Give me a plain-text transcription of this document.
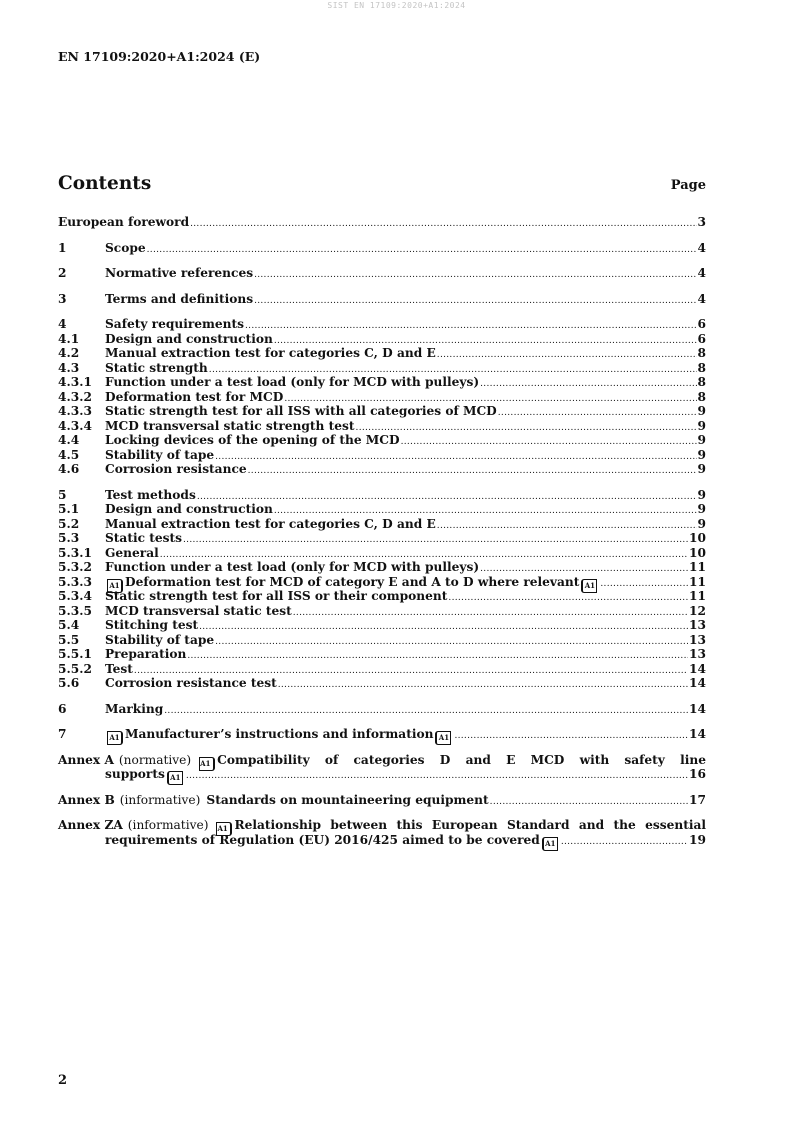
SIST EN 17109:2020+A1:2024
EN 17109:2020+A1:2024 (E)
Contents	Page
European foreword .....	3
1	Scope .....	4
2	Normative references .....	4
3	Terms and definitions .....	4
4	Safety requirements .....	6
4.1	Design and construction .....	6
4.2	Manual extraction test for categories C, D and E .....	8
4.3	Static strength .....	8
4.3.1	Function under a test load (only for MCD with pulleys) .....	8
4.3.2	Deformation test for MCD .....	8
4.3.3	Static strength test for all ISS with all categories of MCD .....	9
4.3.4	MCD transversal static strength test .....	9
4.4	Locking devices of the opening of the MCD .....	9
4.5	Stability of tape .....	9
4.6	Corrosion resistance .....	9
5	Test methods .....	9
5.1	Design and construction .....	9
5.2	Manual extraction test for categories C, D and E .....	9
5.3	Static tests .....	10
5.3.1	General .....	10
5.3.2	Function under a test load (only for MCD with pulleys) .....	11
5.3.3	A1 Deformation test for MCD of category E and A to D where relevant A1 .....	11
5.3.4	Static strength test for all ISS or their component .....	11
5.3.5	MCD transversal static test .....	12
5.4	Stitching test .....	13
5.5	Stability of tape .....	13
5.5.1	Preparation .....	13
5.5.2	Test .....	14
5.6	Corrosion resistance test .....	14
6	Marking .....	14
7	A1 Manufacturer’s instructions and information A1 .....	14
Annex A (normative)	A1 Compatibility of categories D and E MCD with safety line
supports A1 .....	16
Annex B (informative) Standards on mountaineering equipment .....	17
Annex ZA (informative)	A1 Relationship between this European Standard and the essential
requirements of Regulation (EU) 2016/425 aimed to be covered A1 .....	19
2
